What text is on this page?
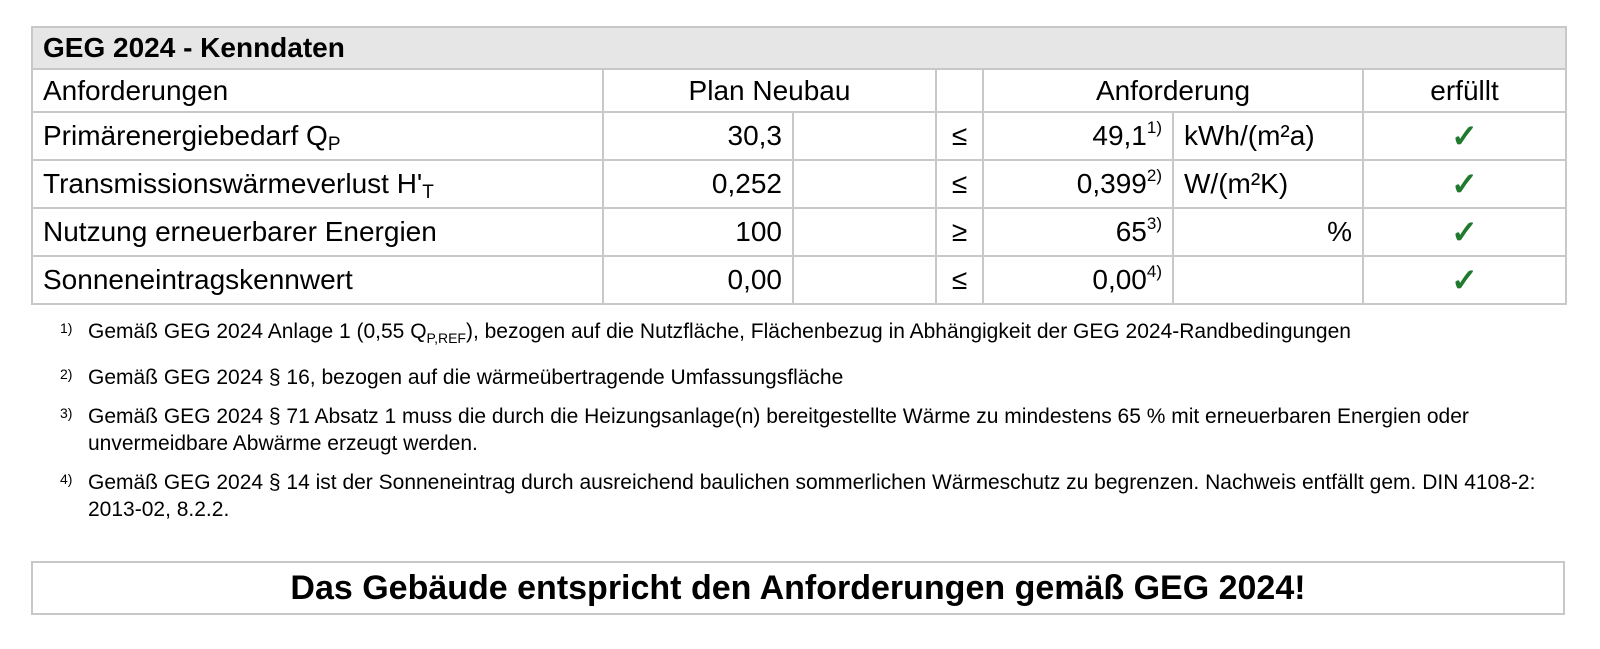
GEG 2024 - Kenndaten						
Anforderungen	Plan Neubau			Anforderung		erfüllt
Primärenergiebedarf $Q_P$	30,3		≤	49,1$^{1)}$	kWh/(m²a)	✓
Transmissionswärmeverlust $H'_T$	0,252		≤	0,399$^{2)}$	W/(m²K)	✓
Nutzung erneuerbarer Energien	100		≥	65$^{3)}$	%	✓
Sonneneintragskennwert	0,00		≤	0,00$^{4)}$		✓
1) Gemäß GEG 2024 Anlage 1 (0,55 $Q_{P,REF}$), bezogen auf die Nutzfläche, Flächenbezug in Abhängigkeit der GEG 2024-Randbedingungen
2) Gemäß GEG 2024 § 16, bezogen auf die wärmeübertragende Umfassungsfläche
3) Gemäß GEG 2024 § 71 Absatz 1 muss die durch die Heizungsanlage(n) bereitgestellte Wärme zu mindestens 65 % mit erneuerbaren Energien oder unvermeidbare Abwärme erzeugt werden.
4) Gemäß GEG 2024 § 14 ist der Sonneneintrag durch ausreichend baulichen sommerlichen Wärmeschutz zu begrenzen. Nachweis entfällt gem. DIN 4108-2: 2013-02, 8.2.2.
Das Gebäude entspricht den Anforderungen gemäß GEG 2024!
